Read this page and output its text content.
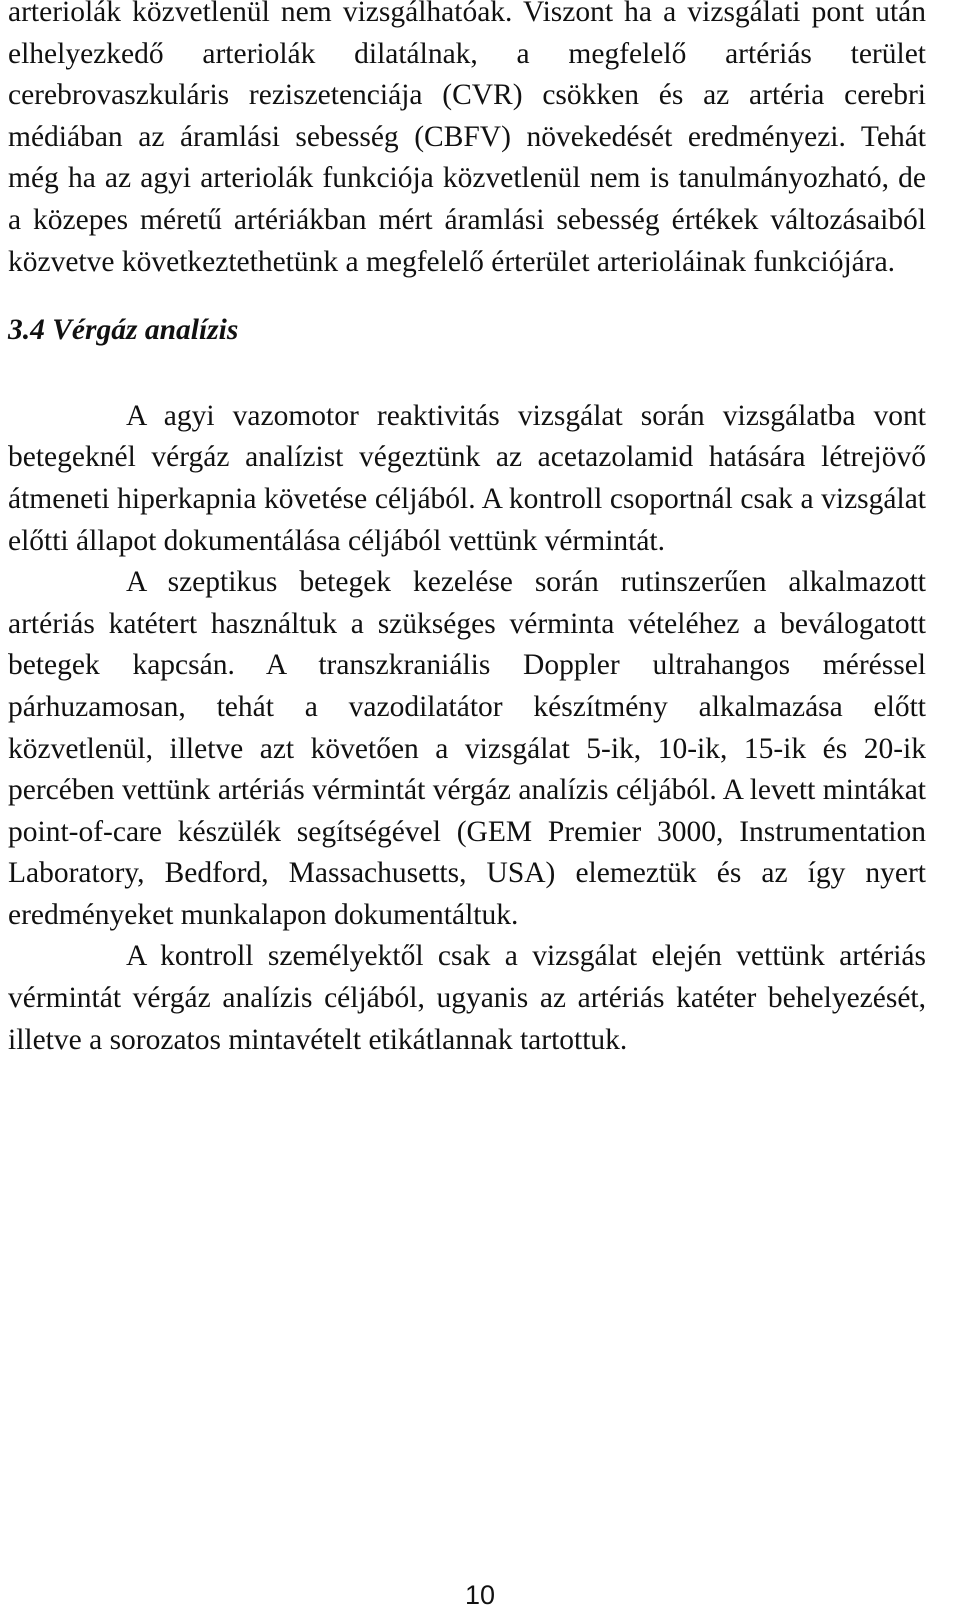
arteriolák közvetlenül nem vizsgálhatóak. Viszont ha a vizsgálati pont után elhelyezkedő arteriolák dilatálnak, a megfelelő artériás terület cerebrovaszkuláris reziszetenciája (CVR) csökken és az artéria cerebri médiában az áramlási sebesség (CBFV) növekedését eredményezi. Tehát még ha az agyi arteriolák funkciója közvetlenül nem is tanulmányozható, de a közepes méretű artériákban mért áramlási sebesség értékek változásaiból közvetve következtethetünk a megfelelő érterület arterioláinak funkciójára.

3.4 Vérgáz analízis

A agyi vazomotor reaktivitás vizsgálat során vizsgálatba vont betegeknél vérgáz analízist végeztünk az acetazolamid hatására létrejövő átmeneti hiperkapnia követése céljából. A kontroll csoportnál csak a vizsgálat előtti állapot dokumentálása céljából vettünk vérmintát.

A szeptikus betegek kezelése során rutinszerűen alkalmazott artériás katétert használtuk a szükséges vérminta vételéhez a beválogatott betegek kapcsán. A transzkraniális Doppler ultrahangos méréssel párhuzamosan, tehát a vazodilatátor készítmény alkalmazása előtt közvetlenül, illetve azt követően a vizsgálat 5-ik, 10-ik, 15-ik és 20-ik percében vettünk artériás vérmintát vérgáz analízis céljából. A levett mintákat point-of-care készülék segítségével (GEM Premier 3000, Instrumentation Laboratory, Bedford, Massachusetts, USA) elemeztük és az így nyert eredményeket munkalapon dokumentáltuk.

A kontroll személyektől csak a vizsgálat elején vettünk artériás vérmintát vérgáz analízis céljából, ugyanis az artériás katéter behelyezését, illetve a sorozatos mintavételt etikátlannak tartottuk.

10
